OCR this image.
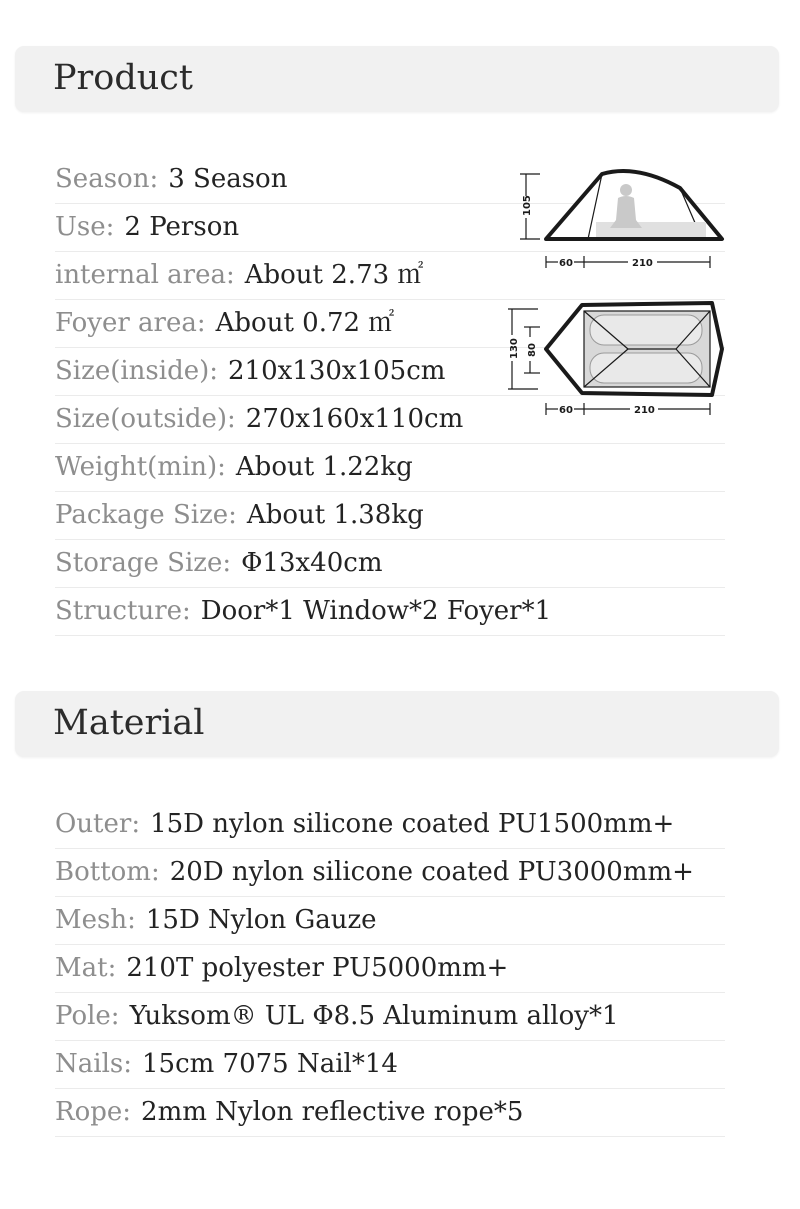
Product
Season: 3 Season
Use: 2 Person
internal area: About 2.73 ㎡
Foyer area: About 0.72 ㎡
Size(inside): 210x130x105cm
Size(outside): 270x160x110cm
Weight(min): About 1.22kg
Package Size: About 1.38kg
Storage Size: Φ13x40cm
Structure: Door*1 Window*2 Foyer*1
105
60	210
130 80
60	210
Material
Outer: 15D nylon silicone coated PU1500mm+
Bottom: 20D nylon silicone coated PU3000mm+
Mesh: 15D Nylon Gauze
Mat: 210T polyester PU5000mm+
Pole: Yuksom® UL Φ8.5 Aluminum alloy*1
Nails: 15cm 7075 Nail*14
Rope: 2mm Nylon reflective rope*5
